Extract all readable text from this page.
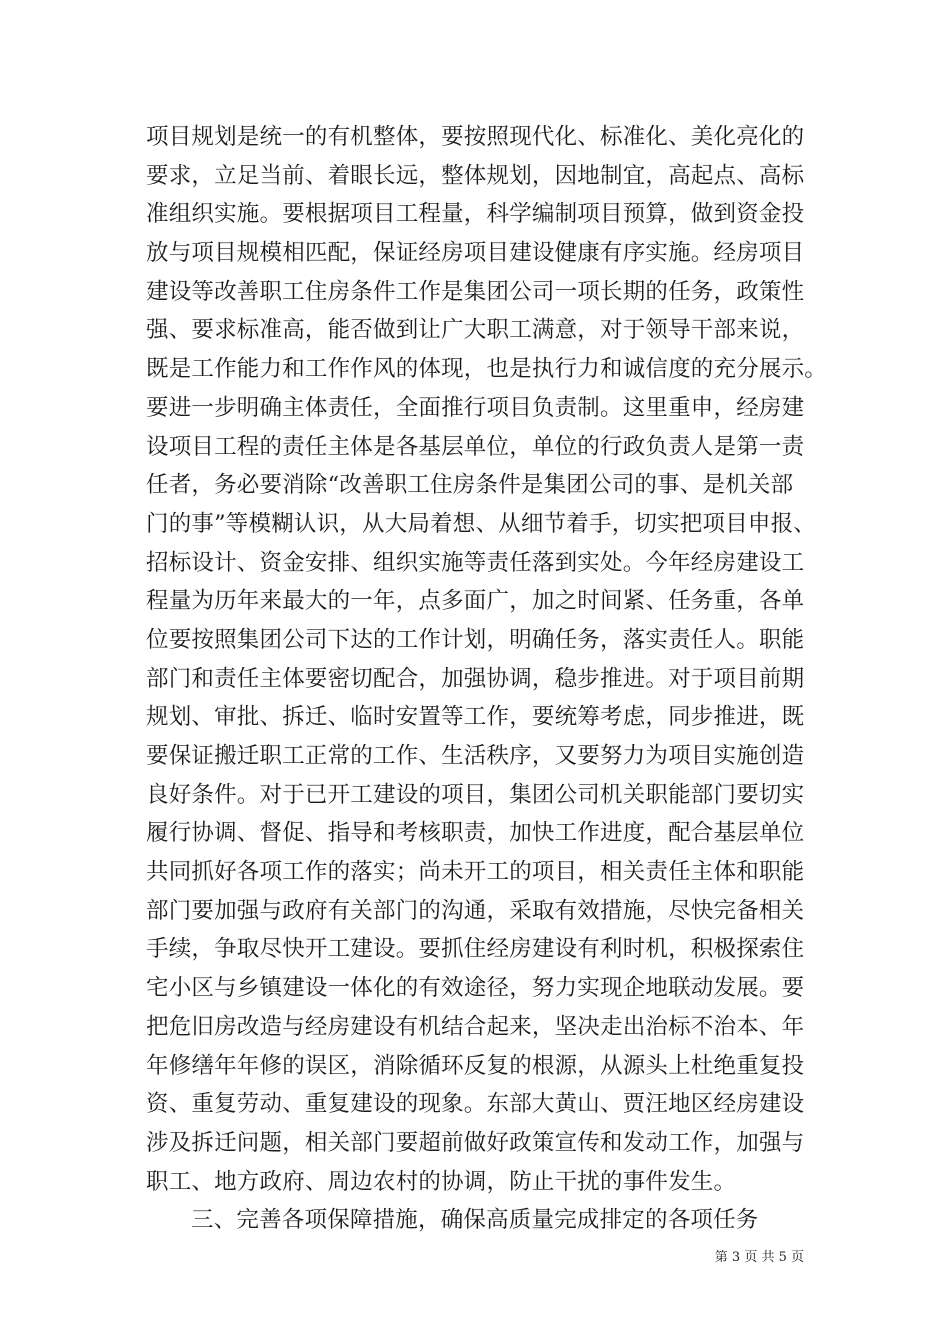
项目规划是统一的有机整体，要按照现代化、标准化、美化亮化的
要求，立足当前、着眼长远，整体规划，因地制宜，高起点、高标
准组织实施。要根据项目工程量，科学编制项目预算，做到资金投
放与项目规模相匹配，保证经房项目建设健康有序实施。经房项目
建设等改善职工住房条件工作是集团公司一项长期的任务，政策性
强、要求标准高，能否做到让广大职工满意，对于领导干部来说，
既是工作能力和工作作风的体现，也是执行力和诚信度的充分展示。
要进一步明确主体责任，全面推行项目负责制。这里重申，经房建
设项目工程的责任主体是各基层单位，单位的行政负责人是第一责
任者，务必要消除“改善职工住房条件是集团公司的事、是机关部
门的事”等模糊认识，从大局着想、从细节着手，切实把项目申报、
招标设计、资金安排、组织实施等责任落到实处。今年经房建设工
程量为历年来最大的一年，点多面广，加之时间紧、任务重，各单
位要按照集团公司下达的工作计划，明确任务，落实责任人。职能
部门和责任主体要密切配合，加强协调，稳步推进。对于项目前期
规划、审批、拆迁、临时安置等工作，要统筹考虑，同步推进，既
要保证搬迁职工正常的工作、生活秩序，又要努力为项目实施创造
良好条件。对于已开工建设的项目，集团公司机关职能部门要切实
履行协调、督促、指导和考核职责，加快工作进度，配合基层单位
共同抓好各项工作的落实；尚未开工的项目，相关责任主体和职能
部门要加强与政府有关部门的沟通，采取有效措施，尽快完备相关
手续，争取尽快开工建设。要抓住经房建设有利时机，积极探索住
宅小区与乡镇建设一体化的有效途径，努力实现企地联动发展。要
把危旧房改造与经房建设有机结合起来，坚决走出治标不治本、年
年修缮年年修的误区，消除循环反复的根源，从源头上杜绝重复投
资、重复劳动、重复建设的现象。东部大黄山、贾汪地区经房建设
涉及拆迁问题，相关部门要超前做好政策宣传和发动工作，加强与
职工、地方政府、周边农村的协调，防止干扰的事件发生。
三、完善各项保障措施，确保高质量完成排定的各项任务
第 3 页 共 5 页
